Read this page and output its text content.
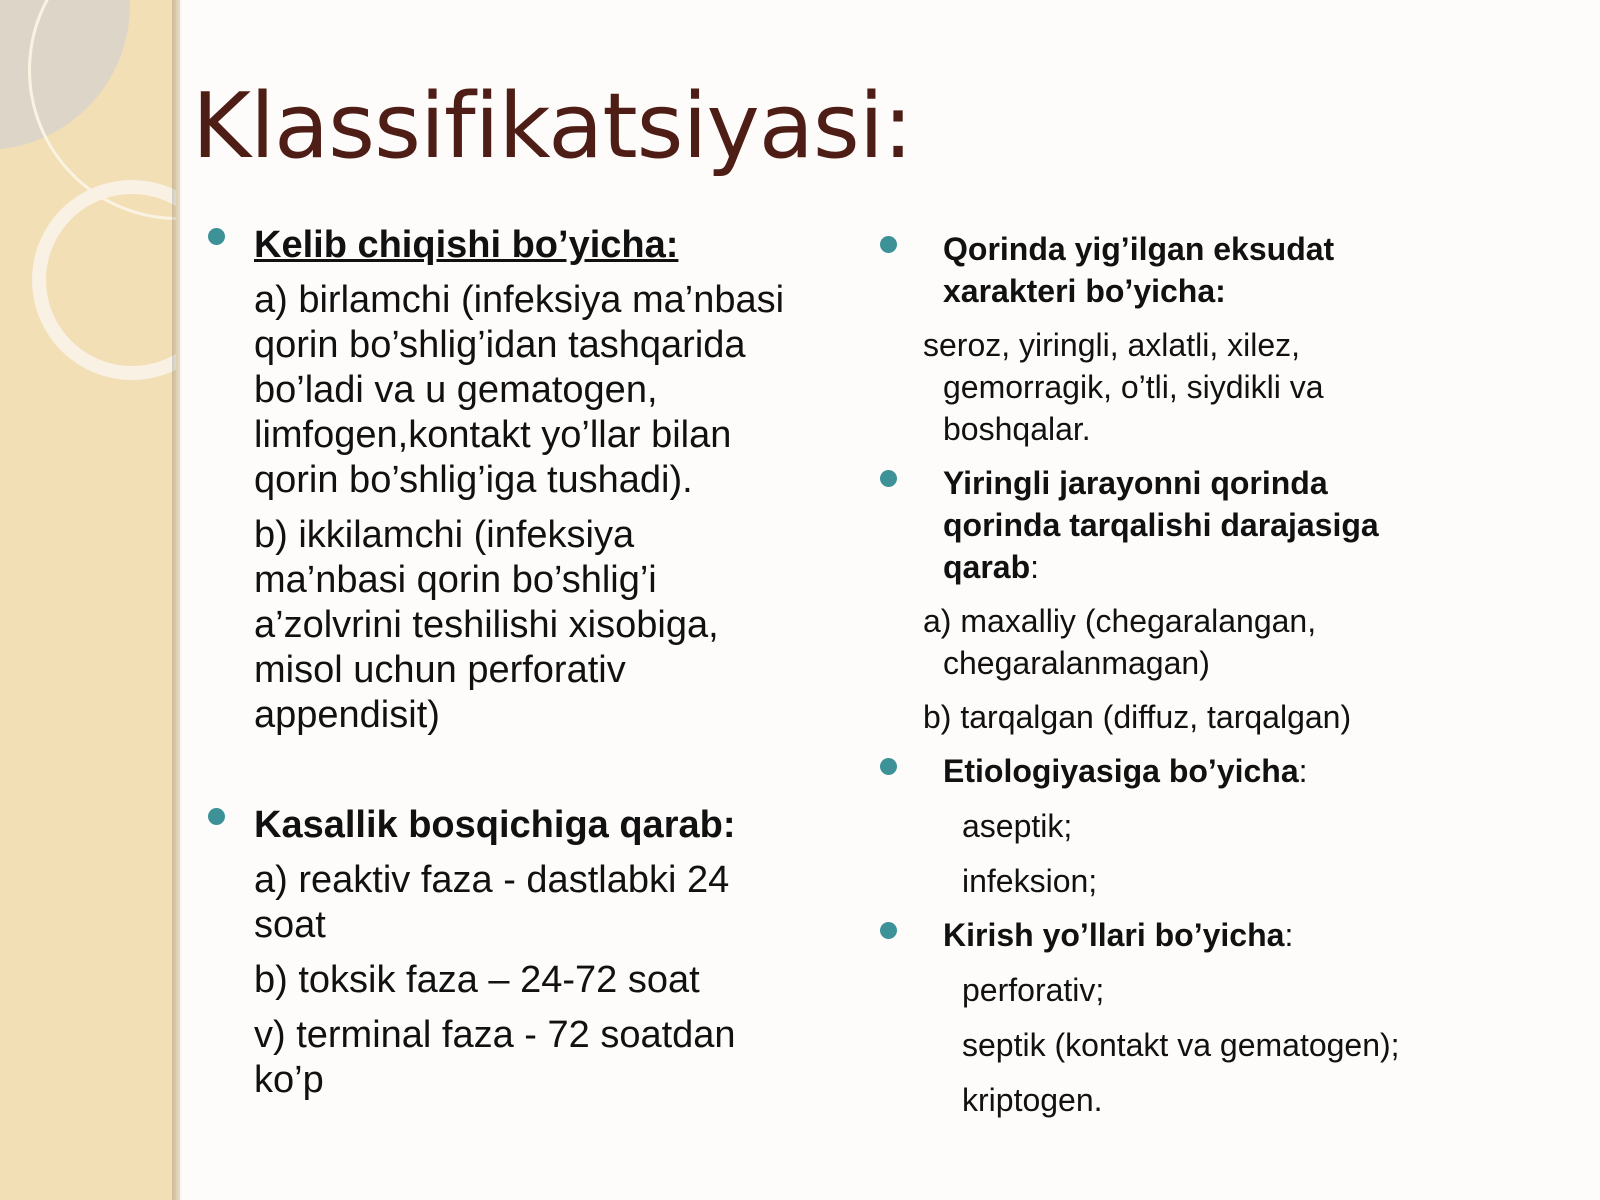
Klassifikatsiyasi:
Kelib chiqishi bo’yicha:
a) birlamchi (infeksiya ma’nbasi
qorin bo’shlig’idan tashqarida
bo’ladi va u gematogen,
limfogen,kontakt yo’llar bilan
qorin bo’shlig’iga tushadi).
b) ikkilamchi (infeksiya
ma’nbasi qorin bo’shlig’i
a’zolvrini teshilishi xisobiga,
misol uchun perforativ
appendisit)
Kasallik bosqichiga qarab:
a) reaktiv faza - dastlabki 24
soat
b) toksik faza – 24-72 soat
v) terminal faza - 72 soatdan
ko’p
Qorinda yig’ilgan eksudat
xarakteri bo’yicha:
seroz, yiringli, axlatli, xilez,
gemorragik, o’tli, siydikli va
boshqalar.
Yiringli jarayonni qorinda
qorinda tarqalishi darajasiga
qarab:
a) maxalliy (chegaralangan,
chegaralanmagan)
b) tarqalgan (diffuz, tarqalgan)
Etiologiyasiga bo’yicha:
aseptik;
infeksion;
Kirish yo’llari bo’yicha:
perforativ;
septik (kontakt va gematogen);
kriptogen.
